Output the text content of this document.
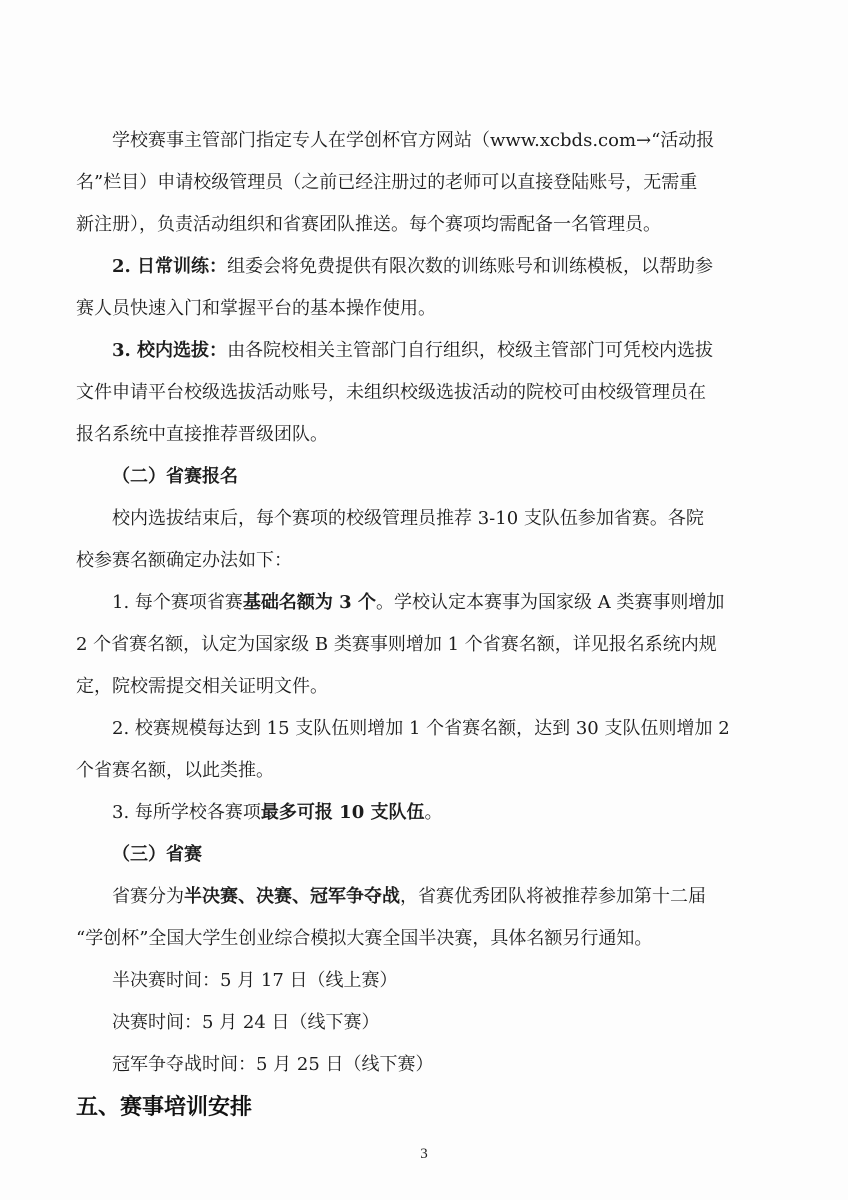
学校赛事主管部门指定专人在学创杯官方网站（www.xcbds.com→“活动报
名”栏目）申请校级管理员（之前已经注册过的老师可以直接登陆账号，无需重
新注册），负责活动组织和省赛团队推送。每个赛项均需配备一名管理员。
2. 日常训练：组委会将免费提供有限次数的训练账号和训练模板，以帮助参
赛人员快速入门和掌握平台的基本操作使用。
3. 校内选拔：由各院校相关主管部门自行组织，校级主管部门可凭校内选拔
文件申请平台校级选拔活动账号，未组织校级选拔活动的院校可由校级管理员在
报名系统中直接推荐晋级团队。
（二）省赛报名
校内选拔结束后，每个赛项的校级管理员推荐 3-10 支队伍参加省赛。各院
校参赛名额确定办法如下：
1. 每个赛项省赛基础名额为 3 个。学校认定本赛事为国家级 A 类赛事则增加
2 个省赛名额，认定为国家级 B 类赛事则增加 1 个省赛名额，详见报名系统内规
定，院校需提交相关证明文件。
2. 校赛规模每达到 15 支队伍则增加 1 个省赛名额，达到 30 支队伍则增加 2
个省赛名额，以此类推。
3. 每所学校各赛项最多可报 10 支队伍。
（三）省赛
省赛分为半决赛、决赛、冠军争夺战，省赛优秀团队将被推荐参加第十二届
“学创杯”全国大学生创业综合模拟大赛全国半决赛，具体名额另行通知。
半决赛时间：5 月 17 日（线上赛）
决赛时间：5 月 24 日（线下赛）
冠军争夺战时间：5 月 25 日（线下赛）
五、赛事培训安排
3
